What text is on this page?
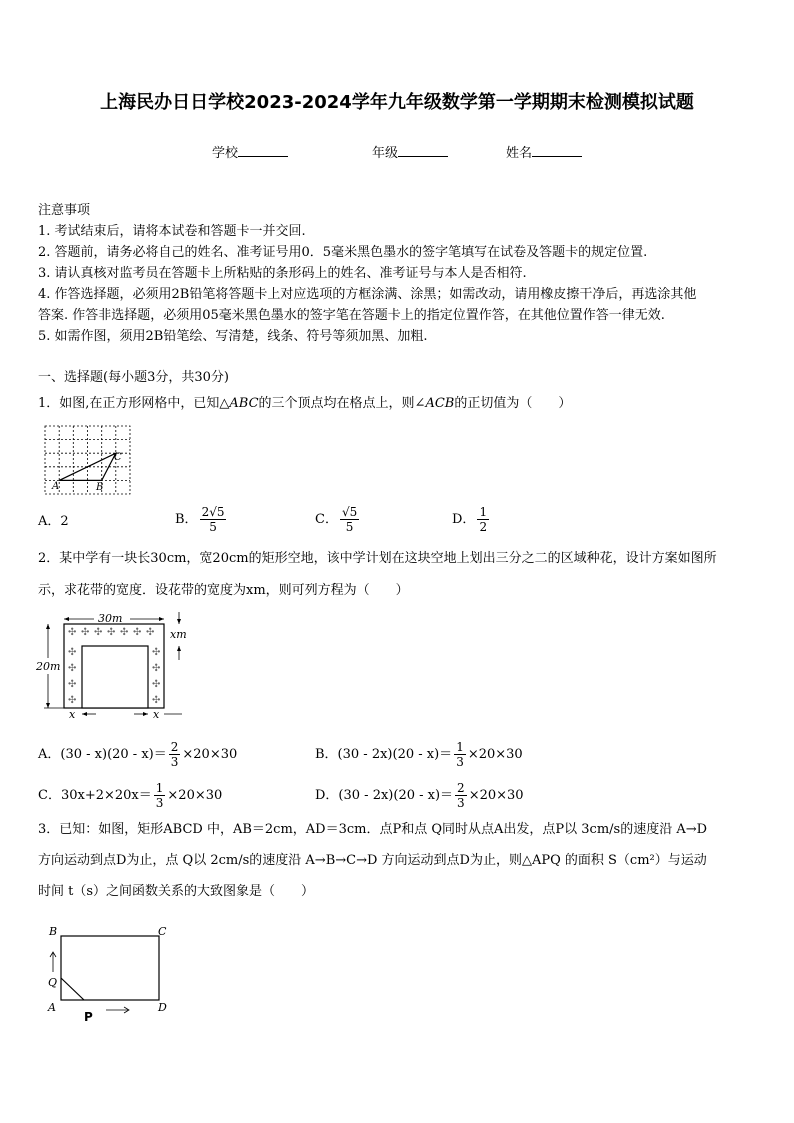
上海民办日日学校2023-2024学年九年级数学第一学期期末检测模拟试题
学校	年级	姓名
注意事项
1. 考试结束后，请将本试卷和答题卡一并交回.
2. 答题前，请务必将自己的姓名、准考证号用0．5毫米黑色墨水的签字笔填写在试卷及答题卡的规定位置.
3. 请认真核对监考员在答题卡上所粘贴的条形码上的姓名、准考证号与本人是否相符.
4. 作答选择题，必须用2B铅笔将答题卡上对应选项的方框涂满、涂黑；如需改动，请用橡皮擦干净后，再选涂其他
答案. 作答非选择题，必须用05毫米黑色墨水的签字笔在答题卡上的指定位置作答，在其他位置作答一律无效.
5. 如需作图，须用2B铅笔绘、写清楚，线条、符号等须加黑、加粗.
一、选择题(每小题3分，共30分)
1．如图,在正方形网格中，已知△ABC的三个顶点均在格点上，则∠ACB的正切值为（　　）
A	B
C
A．2	B． $\frac{2√5}{5}$	C． $\frac{√5}{5}$	D． $\frac{1}{2}$
2．某中学有一块长30cm，宽20cm的矩形空地，该中学计划在这块空地上划出三分之二的区域种花，设计方案如图所
示，求花带的宽度．设花带的宽度为xm，则可列方程为（　　）
30m
✣ ✣ ✣ ✣ ✣ ✣ ✣
✣
✣
✣
✣
✣
✣
✣
✣
20m
xm
x	x
A．$(30 - x)(20 - x)= \frac{2}{3} \times 20\times 30$	B．$(30 - 2x)(20 - x)= \frac{1}{3} \times 20\times 30$
C．$30x+2\times 20x= \frac{1}{3} \times 20\times 30$	D．$(30 - 2x)(20 - x)= \frac{2}{3} \times 20\times 30$
3．已知：如图，矩形ABCD 中，AB＝2cm，AD＝3cm．点P和点 Q同时从点A出发，点P以 3cm/s的速度沿 A→D
方向运动到点D为止，点 Q以 2cm/s的速度沿 A→B→C→D 方向运动到点D为止，则△APQ 的面积 S（cm²）与运动
时间 t（s）之间函数关系的大致图象是（　　）
B	C
A	D
Q
P
